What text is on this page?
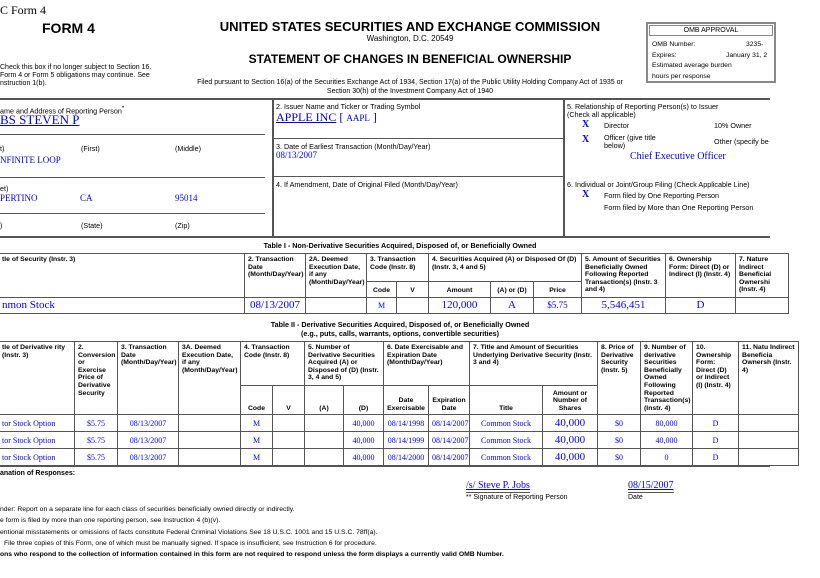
C Form 4
FORM 4	UNITED STATES SECURITIES AND EXCHANGE COMMISSION
Washington, D.C. 20549
STATEMENT OF CHANGES IN BENEFICIAL OWNERSHIP
Check this box if no longer subject to Section 16.
Form 4 or Form 5 obligations may continue. See
nstruction 1(b).	Filed pursuant to Section 16(a) of the Securities Exchange Act of 1934, Section 17(a) of the Public Utility Holding Company Act of 1935 or
Section 30(h) of the Investment Company Act of 1940
OMB APPROVAL
OMB Number:
Expires:
Estimated average burden
hours per response
3235-
January 31, 2
ame and Address of Reporting Person*
BS STEVEN P
t)	(First)	(Middle)
NFINITE LOOP
et)
PERTINO	CA	95014
)	(State)	(Zip)
2. Issuer Name and Ticker or Trading Symbol
APPLE INC [ AAPL ]
3. Date of Earliest Transaction (Month/Day/Year)
08/13/2007
4. If Amendment, Date of Original Filed (Month/Day/Year)
5. Relationship of Reporting Person(s) to Issuer
(Check all applicable)
X Director	10% Owner
X Officer (give title
below)	Other (specify be
Chief Executive Officer
6. Individual or Joint/Group Filing (Check Applicable Line)
X Form filed by One Reporting Person
Form filed by More than One Reporting Person
Table I - Non-Derivative Securities Acquired, Disposed of, or Beneficially Owned
tle of Security (Instr. 3)	2. Transaction Date (Month/Day/Year)	2A. Deemed Execution Date, if any (Month/Day/Year)	3. Transaction Code (Instr. 8)		4. Securities Acquired (A) or Disposed Of (D) (Instr. 3, 4 and 5)			5. Amount of Securities Beneficially Owned Following Reported Transaction(s) (Instr. 3 and 4)	6. Ownership Form: Direct (D) or Indirect (I) (Instr. 4)	7. Nature Indirect Beneficial Ownershi (Instr. 4)
			Code	V	Amount	(A) or (D)	Price			
nmon Stock	08/13/2007		M		120,000	A	$5.75	5,546,451	D	
Table II - Derivative Securities Acquired, Disposed of, or Beneficially Owned
(e.g., puts, calls, warrants, options, convertible securities)
tle of Derivative rity (Instr. 3)	2. Conversion or Exercise Price of Derivative Security	3. Transaction Date (Month/Day/Year)	3A. Deemed Execution Date, if any (Month/Day/Year)	4. Transaction Code (Instr. 8)		5. Number of Derivative Securities Acquired (A) or Disposed of (D) (Instr. 3, 4 and 5)		6. Date Exercisable and Expiration Date (Month/Day/Year)		7. Title and Amount of Securities Underlying Derivative Security (Instr. 3 and 4)		8. Price of Derivative Security (Instr. 5)	9. Number of derivative Securities Beneficially Owned Following Reported Transaction(s) (Instr. 4)	10. Ownership Form: Direct (D) or Indirect (I) (Instr. 4)	11. Natu Indirect Beneficia Ownersh (Instr. 4)
				Code	V	(A)	(D)	Date Exercisable	Expiration Date	Title	Amount or Number of Shares				
tor Stock Option	$5.75	08/13/2007		M			40,000	08/14/1998	08/14/2007	Common Stock	40,000	$0	80,000	D	
tor Stock Option	$5.75	08/13/2007		M			40,000	08/14/1999	08/14/2007	Common Stock	40,000	$0	40,000	D	
tor Stock Option	$5.75	08/13/2007		M			40,000	08/14/2000	08/14/2007	Common Stock	40,000	$0	0	D	
anation of Responses:
/s/ Steve P. Jobs
** Signature of Reporting Person
08/15/2007
Date
nder: Report on a separate line for each class of securities beneficially owned directly or indirectly.
e form is filed by more than one reporting person, see Instruction 4 (b)(v).
entional misstatements or omissions of facts constitute Federal Criminal Violations See 18 U.S.C. 1001 and 15 U.S.C. 78ff(a).
File three copies of this Form, one of which must be manually signed. If space is insufficient, see Instruction 6 for procedure.
ons who respond to the collection of information contained in this form are not required to respond unless the form displays a currently valid OMB Number.
